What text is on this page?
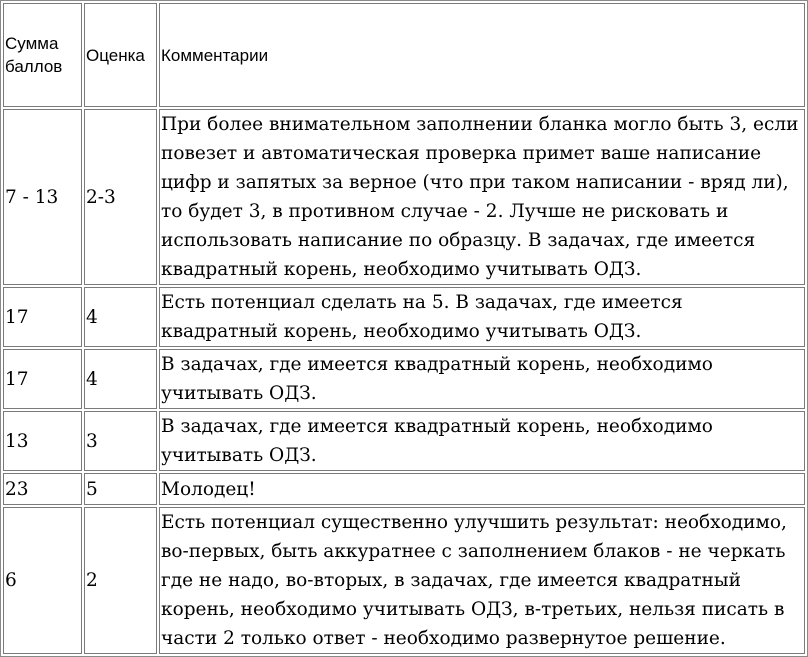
Сумма баллов	Оценка	Комментарии
7 - 13	2-3	При более внимательном заполнении бланка могло быть 3, если повезет и автоматическая проверка примет ваше написание цифр и запятых за верное (что при таком написании - вряд ли), то будет 3, в противном случае - 2. Лучше не рисковать и использовать написание по образцу. В задачах, где имеется квадратный корень, необходимо учитывать ОДЗ.
17	4	Есть потенциал сделать на 5. В задачах, где имеется квадратный корень, необходимо учитывать ОДЗ.
17	4	В задачах, где имеется квадратный корень, необходимо учитывать ОДЗ.
13	3	В задачах, где имеется квадратный корень, необходимо учитывать ОДЗ.
23	5	Молодец!
6	2	Есть потенциал существенно улучшить результат: необходимо, во-первых, быть аккуратнее с заполнением блаков - не черкать где не надо, во-вторых, в задачах, где имеется квадратный корень, необходимо учитывать ОДЗ, в-третьих, нельзя писать в части 2 только ответ - необходимо развернутое решение.
